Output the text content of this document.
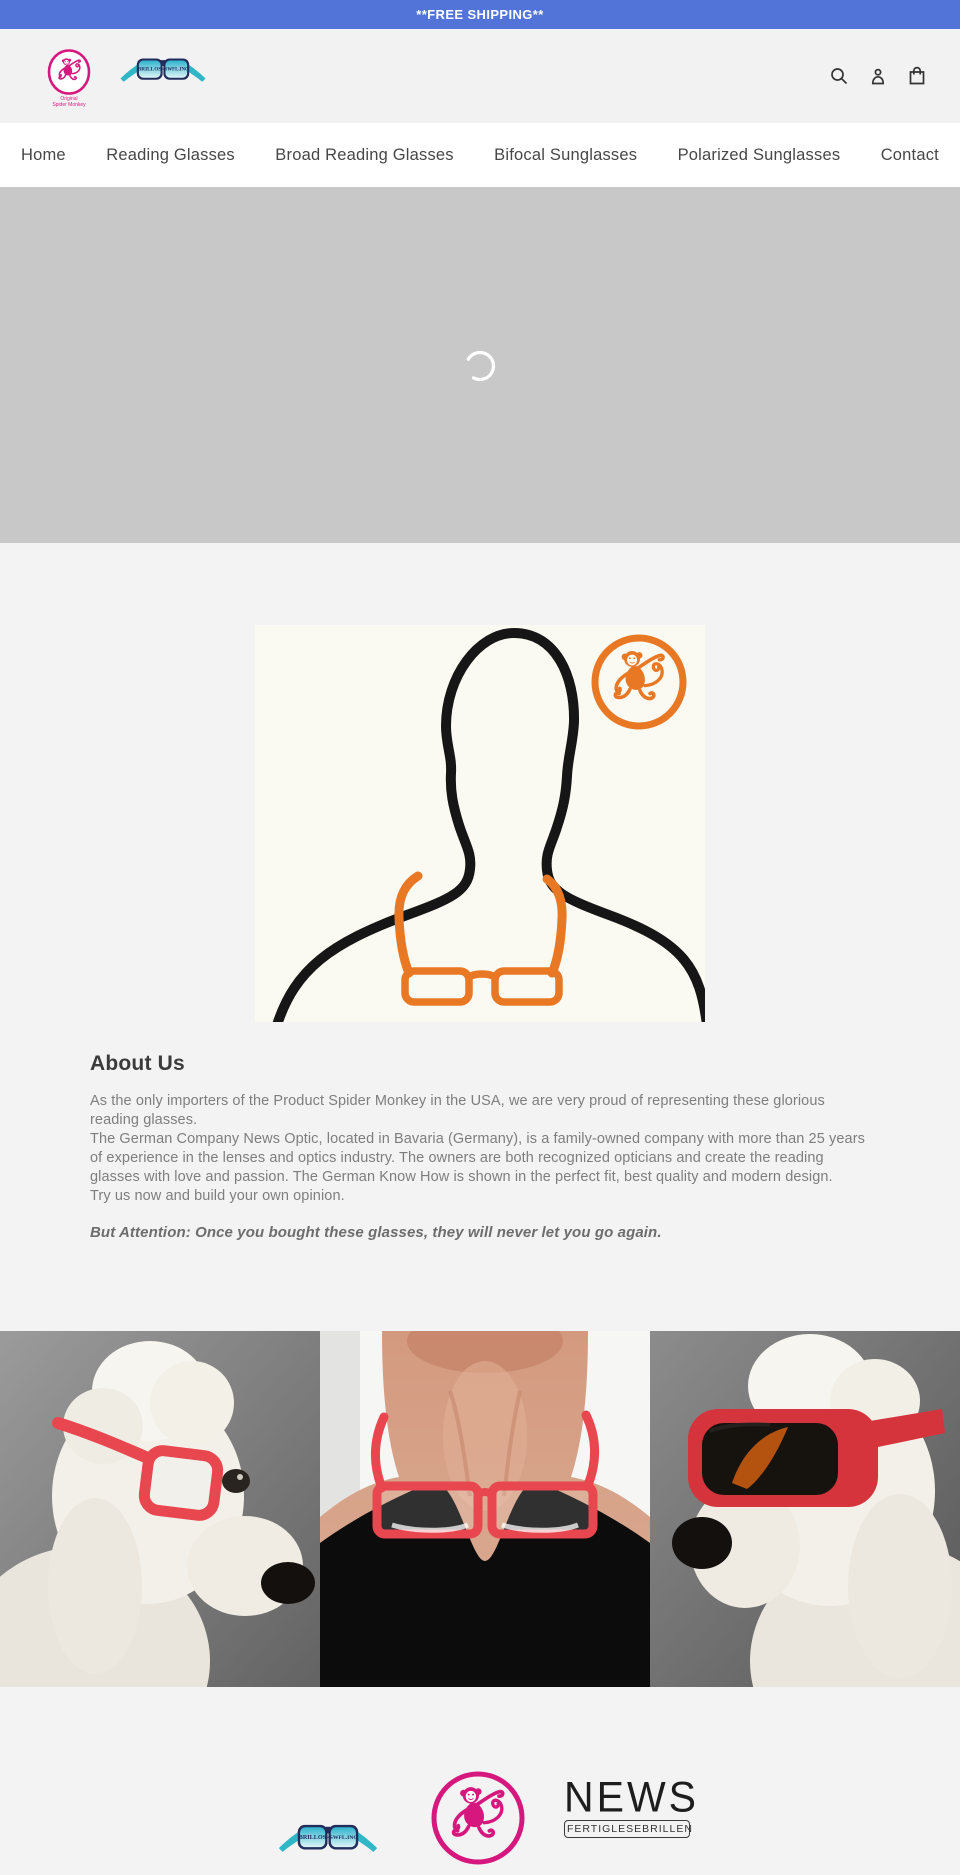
**FREE SHIPPING**
Original
Spider Monkey
BRILLOS SWFL.INC
Home Reading Glasses Broad Reading Glasses Bifocal Sunglasses Polarized Sunglasses Contact
About Us

As the only importers of the Product Spider Monkey in the USA, we are very proud of representing these glorious reading glasses.

The German Company News Optic, located in Bavaria (Germany), is a family-owned company with more than 25 years of experience in the lenses and optics industry. The owners are both recognized opticians and create the reading glasses with love and passion. The German Know How is shown in the perfect fit, best quality and modern design.

Try us now and build your own opinion.

But Attention: Once you bought these glasses, they will never let you go again.

BRILLOS SWFL.INC
NEWS
FERTIGLESEBRILLEN
